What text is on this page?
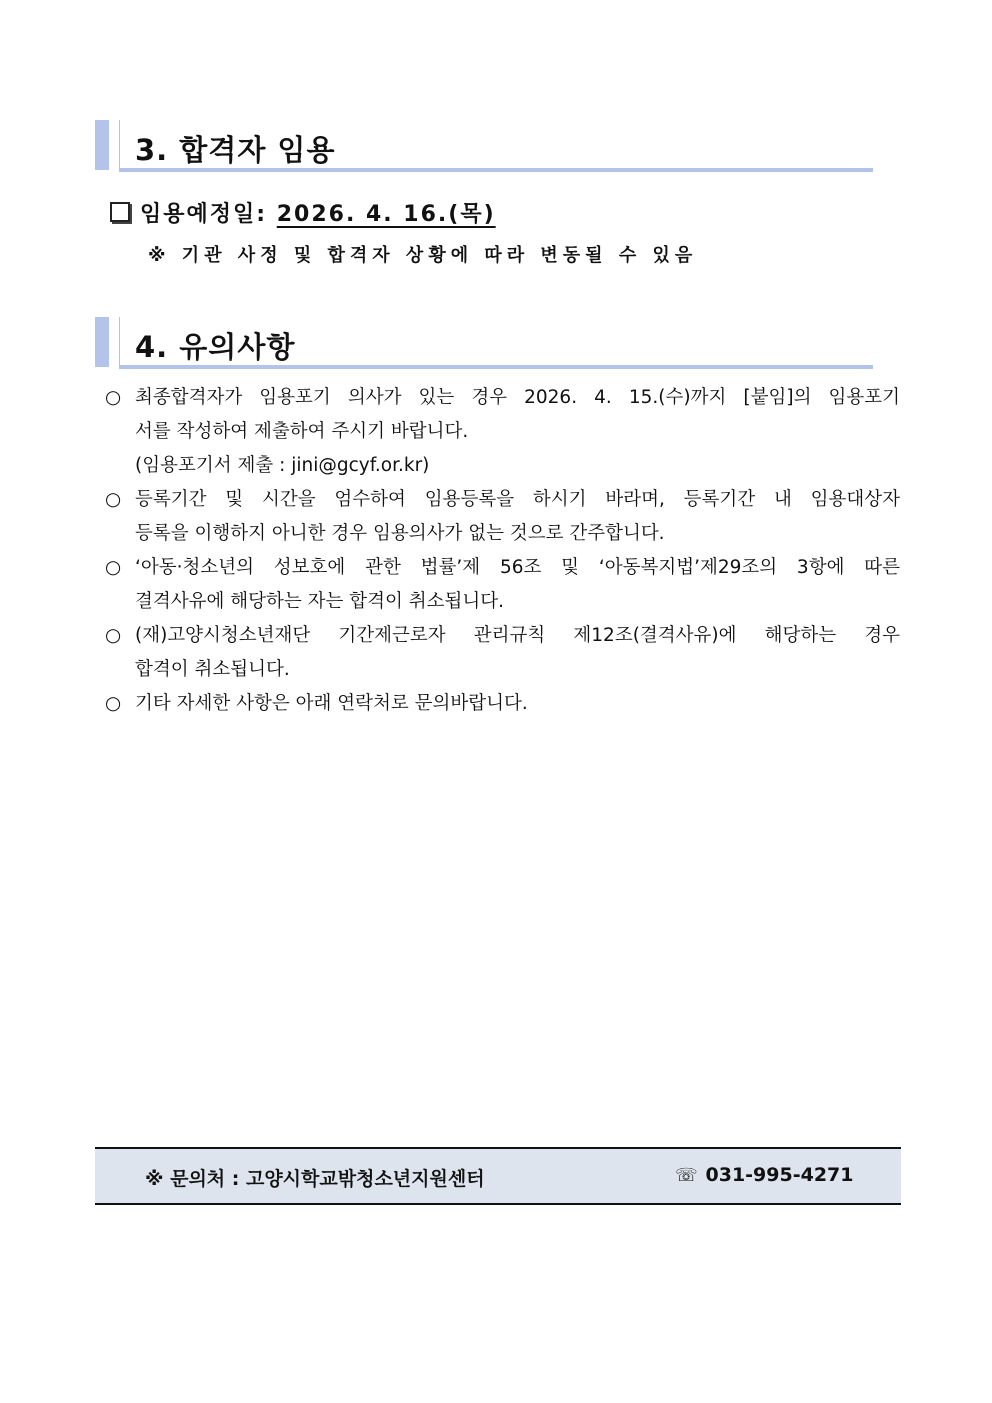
3. 합격자 임용
임용예정일: 2026. 4. 16.(목)
※ 기관 사정 및 합격자 상황에 따라 변동될 수 있음
4. 유의사항
○ 최종합격자가 임용포기 의사가 있는 경우 2026. 4. 15.(수)까지 [붙임]의 임용포기
서를 작성하여 제출하여 주시기 바랍니다.
(임용포기서 제출 : jini@gcyf.or.kr)
○ 등록기간 및 시간을 엄수하여 임용등록을 하시기 바라며, 등록기간 내 임용대상자
등록을 이행하지 아니한 경우 임용의사가 없는 것으로 간주합니다.
○ ‘아동·청소년의 성보호에 관한 법률’제 56조 및 ‘아동복지법’제29조의 3항에 따른
결격사유에 해당하는 자는 합격이 취소됩니다.
○ (재)고양시청소년재단 기간제근로자 관리규칙 제12조(결격사유)에 해당하는 경우
합격이 취소됩니다.
○ 기타 자세한 사항은 아래 연락처로 문의바랍니다.
※ 문의처 : 고양시학교밖청소년지원센터	☏ 031-995-4271
